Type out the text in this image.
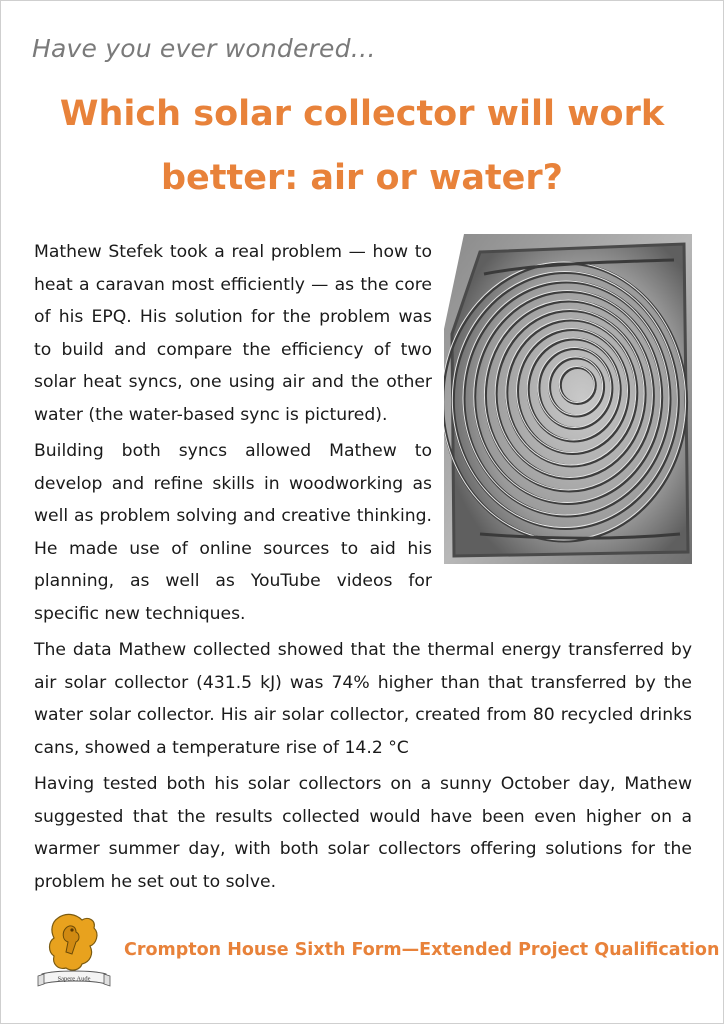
Have you ever wondered…
Which solar collector will work better: air or water?

Mathew Stefek took a real problem — how to heat a caravan most efficiently — as the core of his EPQ. His solution for the problem was to build and compare the efficiency of two solar heat syncs, one using air and the other water (the water-based sync is pictured).

Building both syncs allowed Mathew to develop and refine skills in woodworking as well as problem solving and creative thinking. He made use of online sources to aid his planning, as well as YouTube videos for specific new techniques.

The data Mathew collected showed that the thermal energy transferred by air solar collector (431.5 kJ) was 74% higher than that transferred by the water solar collector. His air solar collector, created from 80 recycled drinks cans, showed a temperature rise of 14.2 °C

Having tested both his solar collectors on a sunny October day, Mathew suggested that the results collected would have been even higher on a warmer summer day, with both solar collectors offering solutions for the problem he set out to solve.

Sapere Aude
Crompton House Sixth Form—Extended Project Qualification
